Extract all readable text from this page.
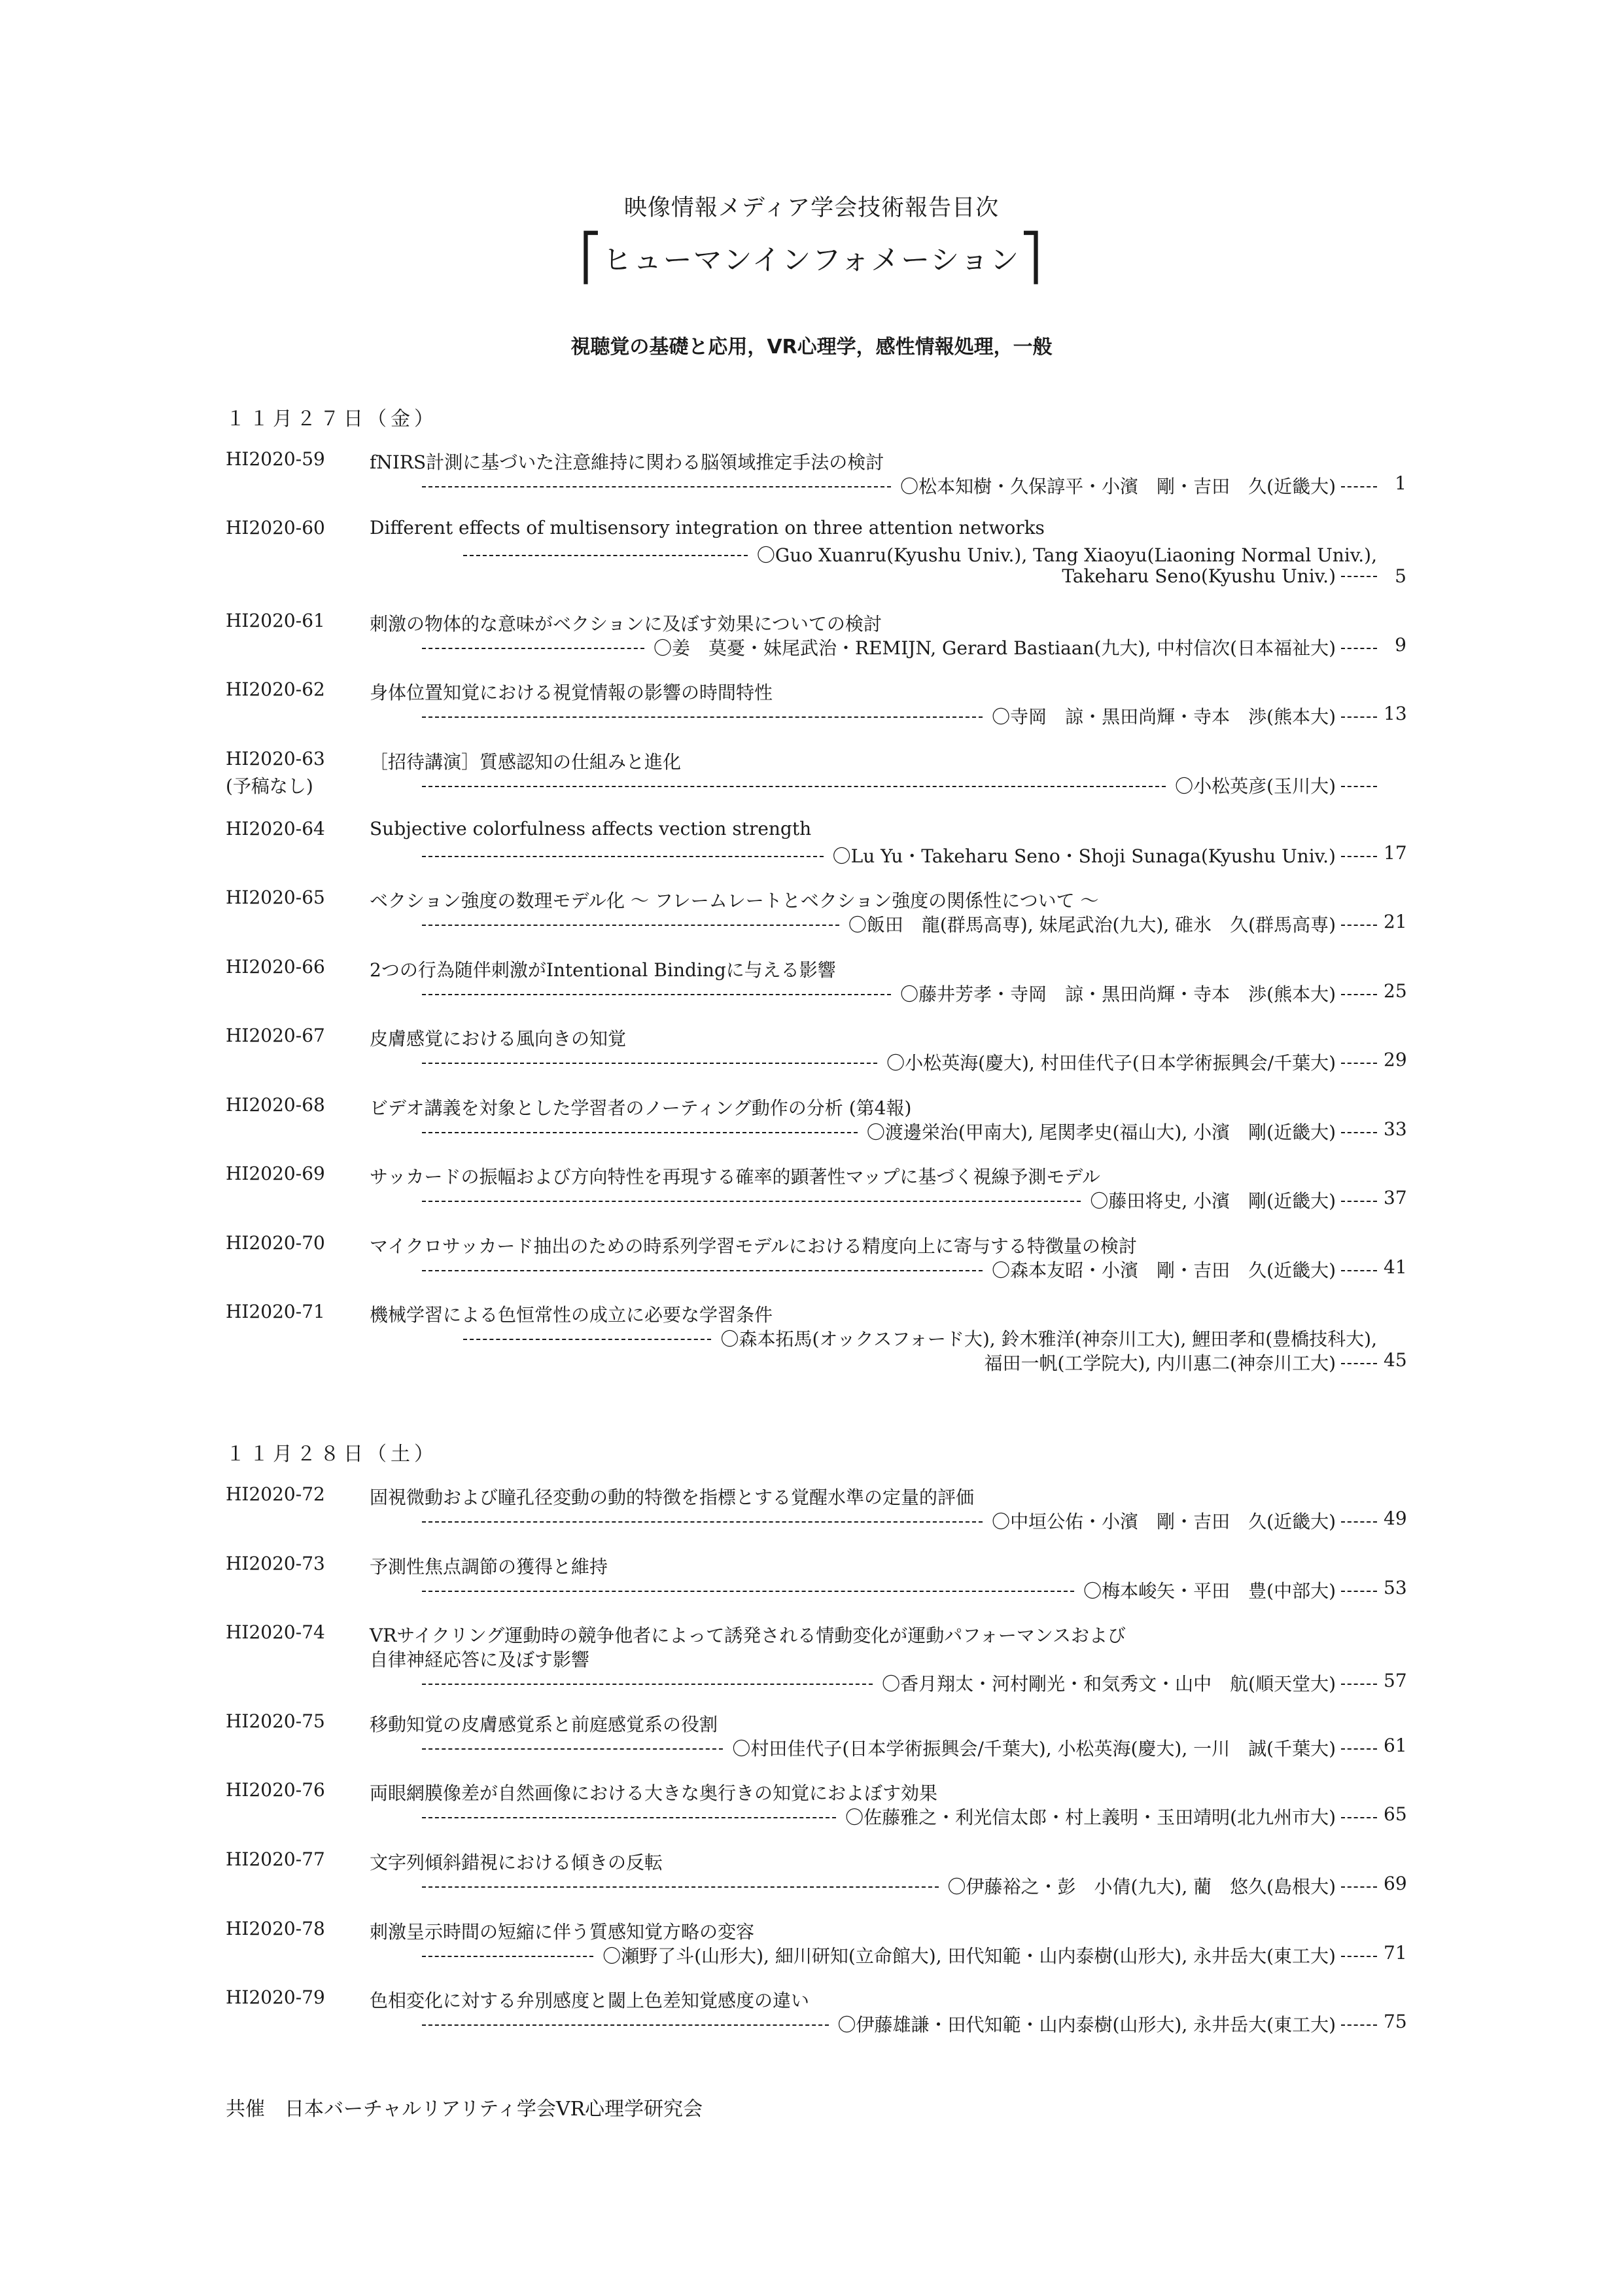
映像情報メディア学会技術報告目次
⎡ヒューマンインフォメーション⎤
視聴覚の基礎と応用，VR心理学，感性情報処理，一般
１１月２７日（金）
HI2020-59 fNIRS計測に基づいた注意維持に関わる脳領域推定手法の検討
1
〇松本知樹・久保諄平・小濱　剛・吉田　久(近畿大)
HI2020-60 Different effects of multisensory integration on three attention networks
〇Guo Xuanru(Kyushu Univ.), Tang Xiaoyu(Liaoning Normal Univ.),
5
Takeharu Seno(Kyushu Univ.)
HI2020-61 刺激の物体的な意味がベクションに及ぼす効果についての検討
9
〇姜　莫憂・妹尾武治・REMIJN, Gerard Bastiaan(九大), 中村信次(日本福祉大)
HI2020-62 身体位置知覚における視覚情報の影響の時間特性
13
〇寺岡　諒・黒田尚輝・寺本　渉(熊本大)
HI2020-63
(予稿なし)
［招待講演］質感認知の仕組みと進化
〇小松英彦(玉川大)
HI2020-64 Subjective colorfulness affects vection strength
17
〇Lu Yu・Takeharu Seno・Shoji Sunaga(Kyushu Univ.)
HI2020-65 ベクション強度の数理モデル化 ～ フレームレートとベクション強度の関係性について ～
21
〇飯田　龍(群馬高専), 妹尾武治(九大), 碓氷　久(群馬高専)
HI2020-66 2つの行為随伴刺激がIntentional Bindingに与える影響
25
〇藤井芳孝・寺岡　諒・黒田尚輝・寺本　渉(熊本大)
HI2020-67 皮膚感覚における風向きの知覚
29
〇小松英海(慶大), 村田佳代子(日本学術振興会/千葉大)
HI2020-68 ビデオ講義を対象とした学習者のノーティング動作の分析 (第4報)
33
〇渡邊栄治(甲南大), 尾関孝史(福山大), 小濱　剛(近畿大)
HI2020-69 サッカードの振幅および方向特性を再現する確率的顕著性マップに基づく視線予測モデル
37
〇藤田将史, 小濱　剛(近畿大)
HI2020-70 マイクロサッカード抽出のための時系列学習モデルにおける精度向上に寄与する特徴量の検討
41
〇森本友昭・小濱　剛・吉田　久(近畿大)
HI2020-71 機械学習による色恒常性の成立に必要な学習条件
〇森本拓馬(オックスフォード大), 鈴木雅洋(神奈川工大), 鯉田孝和(豊橋技科大),
45
福田一帆(工学院大), 内川惠二(神奈川工大)
１１月２８日（土）
HI2020-72 固視微動および瞳孔径変動の動的特徴を指標とする覚醒水準の定量的評価
49
〇中垣公佑・小濱　剛・吉田　久(近畿大)
HI2020-73 予測性焦点調節の獲得と維持
53
〇梅本峻矢・平田　豊(中部大)
HI2020-74 VRサイクリング運動時の競争他者によって誘発される情動変化が運動パフォーマンスおよび
自律神経応答に及ぼす影響
57
〇香月翔太・河村剛光・和気秀文・山中　航(順天堂大)
HI2020-75 移動知覚の皮膚感覚系と前庭感覚系の役割
61
〇村田佳代子(日本学術振興会/千葉大), 小松英海(慶大), 一川　誠(千葉大)
HI2020-76 両眼網膜像差が自然画像における大きな奥行きの知覚におよぼす効果
65
〇佐藤雅之・利光信太郎・村上義明・玉田靖明(北九州市大)
HI2020-77 文字列傾斜錯視における傾きの反転
69
〇伊藤裕之・彭　小倩(九大), 藺　悠久(島根大)
HI2020-78 刺激呈示時間の短縮に伴う質感知覚方略の変容
71
〇瀬野了斗(山形大), 細川研知(立命館大), 田代知範・山内泰樹(山形大), 永井岳大(東工大)
HI2020-79 色相変化に対する弁別感度と閾上色差知覚感度の違い
75
〇伊藤雄謙・田代知範・山内泰樹(山形大), 永井岳大(東工大)
共催　日本バーチャルリアリティ学会VR心理学研究会
